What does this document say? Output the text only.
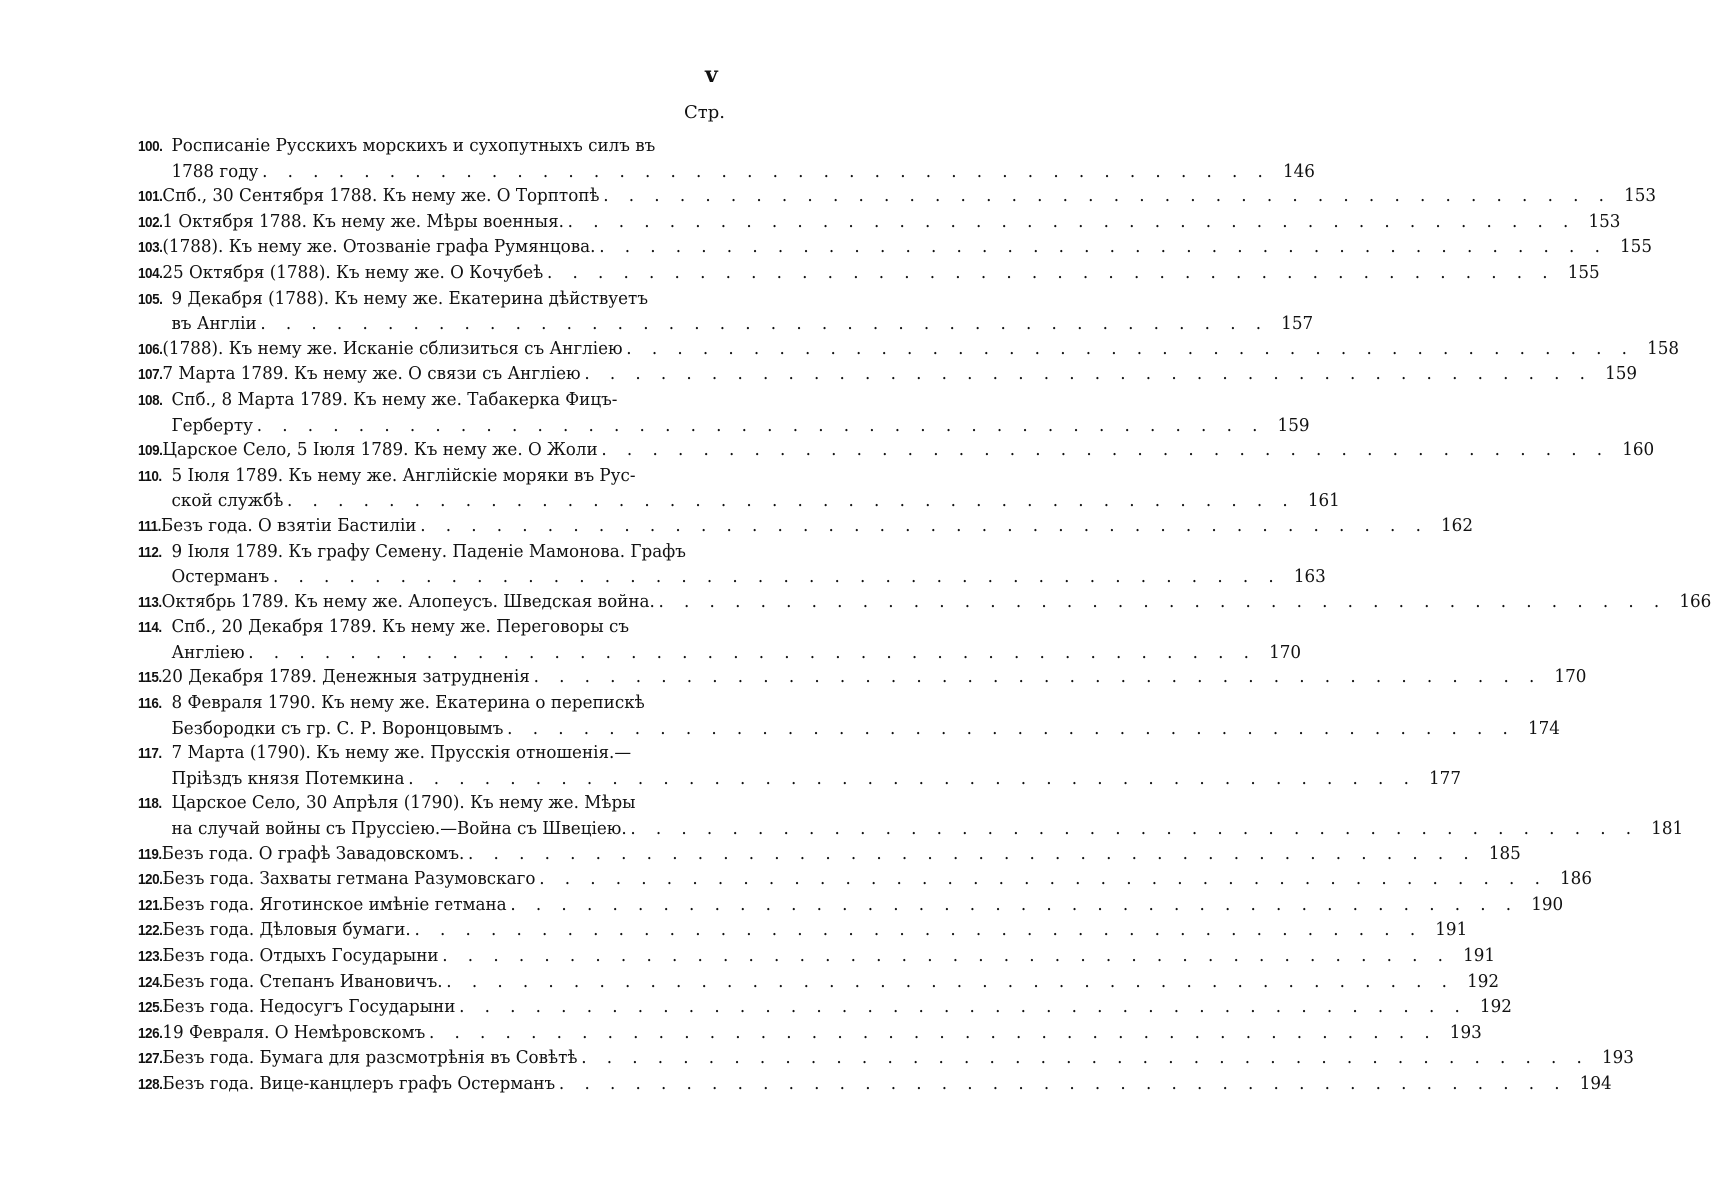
v
Стр.
100. Росписаніе Русскихъ морскихъ и сухопутныхъ силъ въ
1788 году . . . . . . . . . . . . . . . . . . . . . . . . . . . . . . . . . . . . . . . . 146
101. Спб., 30 Сентября 1788. Къ нему же. О Торптопѣ . . . . . . . . . . . . . . . . . . . . . . . . . . . . . . . . . . . . . . . . 153
102. 1 Октября 1788. Къ нему же. Мѣры военныя. . . . . . . . . . . . . . . . . . . . . . . . . . . . . . . . . . . . . . . . . 153
103. (1788). Къ нему же. Отозваніе графа Румянцова. . . . . . . . . . . . . . . . . . . . . . . . . . . . . . . . . . . . . . . . . 155
104. 25 Октября (1788). Къ нему же. О Кочубеѣ . . . . . . . . . . . . . . . . . . . . . . . . . . . . . . . . . . . . . . . . 155
105. 9 Декабря (1788). Къ нему же. Екатерина дѣйствуетъ
въ Англіи . . . . . . . . . . . . . . . . . . . . . . . . . . . . . . . . . . . . . . . . 157
106. (1788). Къ нему же. Исканіе сблизиться съ Англіею . . . . . . . . . . . . . . . . . . . . . . . . . . . . . . . . . . . . . . . . 158
107. 7 Марта 1789. Къ нему же. О связи съ Англіею . . . . . . . . . . . . . . . . . . . . . . . . . . . . . . . . . . . . . . . . 159
108. Спб., 8 Марта 1789. Къ нему же. Табакерка Фицъ-
Герберту . . . . . . . . . . . . . . . . . . . . . . . . . . . . . . . . . . . . . . . . 159
109. Царское Село, 5 Іюля 1789. Къ нему же. О Жоли . . . . . . . . . . . . . . . . . . . . . . . . . . . . . . . . . . . . . . . . 160
110. 5 Іюля 1789. Къ нему же. Англійскіе моряки въ Рус-
ской службѣ . . . . . . . . . . . . . . . . . . . . . . . . . . . . . . . . . . . . . . . . 161
111. Безъ года. О взятіи Бастиліи . . . . . . . . . . . . . . . . . . . . . . . . . . . . . . . . . . . . . . . . 162
112. 9 Іюля 1789. Къ графу Семену. Паденіе Мамонова. Графъ
Остерманъ . . . . . . . . . . . . . . . . . . . . . . . . . . . . . . . . . . . . . . . . 163
113. Октябрь 1789. Къ нему же. Алопеусъ. Шведская война. . . . . . . . . . . . . . . . . . . . . . . . . . . . . . . . . . . . . . . . . 166
114. Спб., 20 Декабря 1789. Къ нему же. Переговоры съ
Англіею . . . . . . . . . . . . . . . . . . . . . . . . . . . . . . . . . . . . . . . . 170
115. 20 Декабря 1789. Денежныя затрудненія . . . . . . . . . . . . . . . . . . . . . . . . . . . . . . . . . . . . . . . . 170
116. 8 Февраля 1790. Къ нему же. Екатерина о перепискѣ
Безбородки съ гр. С. Р. Воронцовымъ . . . . . . . . . . . . . . . . . . . . . . . . . . . . . . . . . . . . . . . . 174
117. 7 Марта (1790). Къ нему же. Прусскія отношенія.—
Пріѣздъ князя Потемкина . . . . . . . . . . . . . . . . . . . . . . . . . . . . . . . . . . . . . . . . 177
118. Царское Село, 30 Апрѣля (1790). Къ нему же. Мѣры
на случай войны съ Пруссіею.—Война съ Швеціею. . . . . . . . . . . . . . . . . . . . . . . . . . . . . . . . . . . . . . . . . 181
119. Безъ года. О графѣ Завадовскомъ. . . . . . . . . . . . . . . . . . . . . . . . . . . . . . . . . . . . . . . . . 185
120. Безъ года. Захваты гетмана Разумовскаго . . . . . . . . . . . . . . . . . . . . . . . . . . . . . . . . . . . . . . . . 186
121. Безъ года. Яготинское имѣніе гетмана . . . . . . . . . . . . . . . . . . . . . . . . . . . . . . . . . . . . . . . . 190
122. Безъ года. Дѣловыя бумаги. . . . . . . . . . . . . . . . . . . . . . . . . . . . . . . . . . . . . . . . . 191
123. Безъ года. Отдыхъ Государыни . . . . . . . . . . . . . . . . . . . . . . . . . . . . . . . . . . . . . . . . 191
124. Безъ года. Степанъ Ивановичъ. . . . . . . . . . . . . . . . . . . . . . . . . . . . . . . . . . . . . . . . . 192
125. Безъ года. Недосугъ Государыни . . . . . . . . . . . . . . . . . . . . . . . . . . . . . . . . . . . . . . . . 192
126. 19 Февраля. О Немѣровскомъ . . . . . . . . . . . . . . . . . . . . . . . . . . . . . . . . . . . . . . . . 193
127. Безъ года. Бумага для разсмотрѣнія въ Совѣтѣ . . . . . . . . . . . . . . . . . . . . . . . . . . . . . . . . . . . . . . . . 193
128. Безъ года. Вице-канцлеръ графъ Остерманъ . . . . . . . . . . . . . . . . . . . . . . . . . . . . . . . . . . . . . . . . 194
